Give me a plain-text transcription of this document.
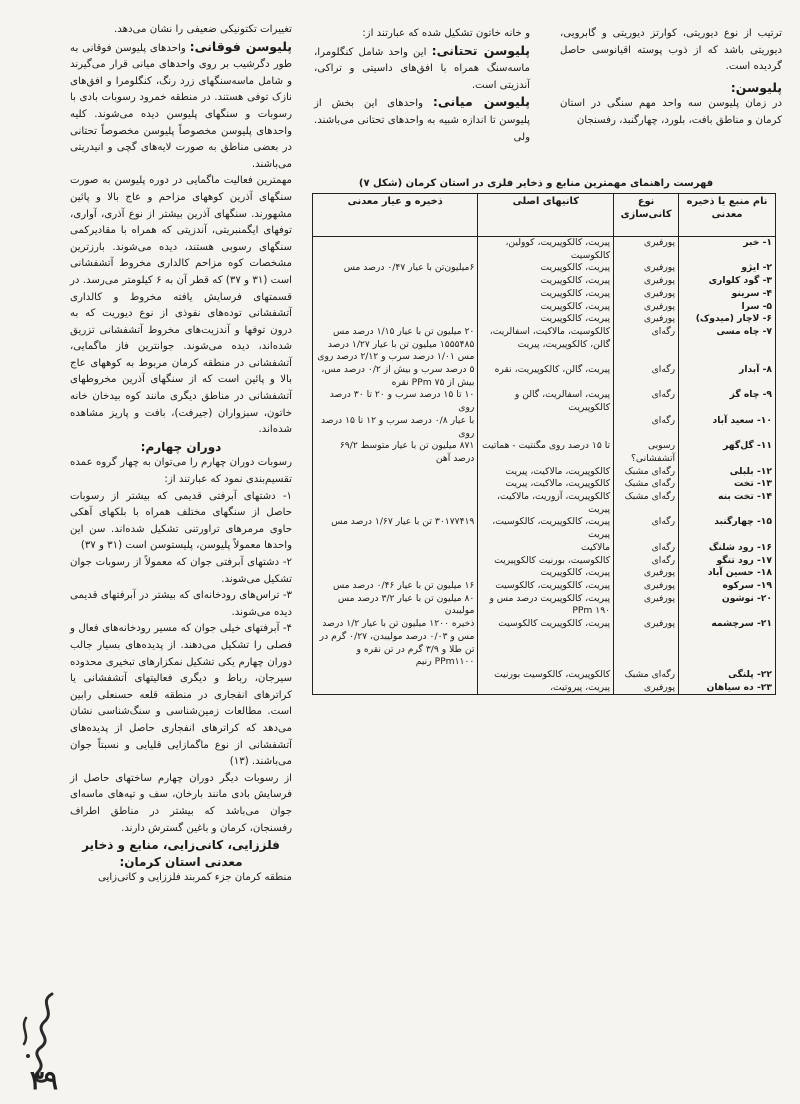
ترتیب از نوع دیوریتی، کوارتز دیوریتی و گابرویی، دیوریتی باشد که از ذوب پوسته اقیانوسی حاصل گردیده است.

پلیوسن:

در زمان پلیوسن سه واحد مهم سنگی در استان کرمان و مناطق بافت، بلورد، چهارگنبد، رفسنجان

و خانه خاتون تشکیل شده که عبارتند از:

پلیوسن تحتانی: این واحد شامل کنگلومرا، ماسه‌سنگ همراه با افق‌های داسیتی و تراکی، آندزیتی است.

پلیوسن میانی: واحدهای این بخش از پلیوسن تا اندازه شبیه به واحدهای تحتانی می‌باشند. ولی

فهرست راهنمای مهمترین منابع و ذخایر فلزی در استان کرمان (شکل ۷)
نام منبع یا ذخیره معدنی	نوع کانی‌سازی	کانیهای اصلی	ذخیره و عیار معدنی
۱- خبر	پورفیری	پیریت، کالکوپیریت، کوولین، کالکوسیت	
۲- ایژو	پورفیری	پیریت، کالکوپیریت	۶میلیون‌تن با عیار ۰/۴۷ درصد مس
۳- گود کلواری	پورفیری	پیریت، کالکوپیریت	
۴- سرینو	پورفیری	پیریت، کالکوپیریت	
۵- سرا	پورفیری	پیریت، کالکوپیریت	
۶- لاچار (میدوک)	پورفیری	پیریت، کالکوپیریت	
۷- چاه مسی	رگه‌ای	کالکوسیت، مالاکیت، اسفالریت، گالن، کالکوپیریت، پیریت	۲۰ میلیون تن با عیار ۱/۱۵ درصد مس ۱۵۵۵۴۸۵ میلیون تن با عیار ۱/۲۷ درصد مس ۱/۰۱ درصد سرب و ۲/۱۲ درصد روی
۸- آبدار	رگه‌ای	پیریت، گالن، کالکوپیریت، نقره	۵ درصد سرب و بیش از ۰/۲ درصد مس، بیش از PPm ۷۵ نقره
۹- چاه گز	رگه‌ای	پیریت، اسفالریت، گالن و کالکوپیریت	۱۰ تا ۱۵ درصد سرب و ۲۰ تا ۳۰ درصد روی
۱۰- سعید آباد	رگه‌ای		با عیار ۰/۸ درصد سرب و ۱۲ تا ۱۵ درصد روی
۱۱- گل‌گهر	رسوبی آتشفشانی؟	تا ۱۵ درصد روی مگنتیت - هماتیت	۸۷۱ میلیون تن با عیار متوسط ۶۹/۲ درصد آهن
۱۲- بلبلی	رگه‌ای مشبک	کالکوپیریت، مالاکیت، پیریت	
۱۳- تخت	رگه‌ای مشبک	کالکوپیریت، مالاکیت، پیریت	
۱۴- تخت بنه	رگه‌ای مشبک	کالکوپیریت، آزوریت، مالاکیت، پیریت	
۱۵- چهارگنبد	رگه‌ای	پیریت، کالکوپیریت، کالکوسیت، پیریت	۳۰۱۷۷۴۱۹ تن با عیار ۱/۶۷ درصد مس
۱۶- رود شلنگ	رگه‌ای	مالاکیت	
۱۷- رود تنگو	رگه‌ای	کالکوسیت، بورنیت کالکوپیریت	
۱۸- حسین آباد	پورفیری	پیریت، کالکوپیریت	
۱۹- سرکوه	پورفیری	پیریت، کالکوپیریت، کالکوسیت	۱۶ میلیون تن با عیار ۰/۴۶ درصد مس
۲۰- نوشون	پورفیری	پیریت، کالکوپیریت درصد مس و PPm ۱۹۰	۸۰ میلیون تن با عیار ۳/۲ درصد مس مولیبدن
۲۱- سرچشمه	پورفیری	پیریت، کالکوپیریت کالکوسیت	ذخیره ۱۲۰۰ میلیون تن با عیار ۱/۲ درصد مس و ۰/۰۳ درصد مولیبدن، ۰/۲۷ گرم در تن طلا و ۳/۹ گرم در تن نقره و PPm۱۱۰۰ رنیم
۲۲- پلنگی	رگه‌ای مشبک	کالکوپیریت، کالکوسیت بورنیت	
۲۳- ده سیاهان	پورفیری	پیریت، پیروتیت،	

تغییرات تکتونیکی ضعیفی را نشان می‌دهد.

پلیوسن فوقانی: واحدهای پلیوسن فوقانی به طور دگرشیب بر روی واحدهای میانی قرار می‌گیرند و شامل ماسه‌سنگهای زرد رنگ، کنگلومرا و افق‌های نازک توفی هستند. در منطقه خمرود رسوبات بادی با رسوبات و سنگهای پلیوسن دیده می‌شوند. کلیه واحدهای پلیوسن مخصوصاً پلیوسن مخصوصاً تحتانی در بعضی مناطق به صورت لایه‌های گچی و انیدریتی می‌باشند.

مهمترین فعالیت ماگمایی در دوره پلیوسن به صورت سنگهای آذرین کوههای مزاحم و عاج بالا و پائین مشهورند. سنگهای آذرین بیشتر از نوع آذری، آواری، توفهای ایگمنبریتی، آندزیتی که همراه با مقادیرکمی سنگهای رسوبی هستند، دیده می‌شوند. بارزترین مشخصات کوه مزاحم کالداری مخروط آتشفشانی است (۳۱ و ۳۷) که قطر آن به ۶ کیلومتر می‌رسد. در قسمتهای فرسایش یافته مخروط و کالداری آتشفشانی توده‌های نفوذی از نوع دیوریت که به درون توفها و آندزیت‌های مخروط آتشفشانی تزریق شده‌اند، دیده می‌شوند. جوانترین فاز ماگمایی، آتشفشانی در منطقه کرمان مربوط به کوههای عاج بالا و پائین است که از سنگهای آذرین مخروطهای آتشفشانی در مناطق دیگری مانند کوه بیدخان خانه خاتون، سبزواران (جیرفت)، بافت و پاریز مشاهده شده‌اند.

دوران چهارم:

رسوبات دوران چهارم را می‌توان به چهار گروه عمده تقسیم‌بندی نمود که عبارتند از:

۱- دشتهای آبرفتی قدیمی که بیشتر از رسوبات حاصل از سنگهای مختلف همراه با بلکهای آهکی حاوی مرمرهای تراورتنی تشکیل شده‌اند. سن این واحدها معمولاً پلیوسن، پلیستوسن است (۳۱ و ۳۷)

۲- دشتهای آبرفتی جوان که معمولاً از رسوبات جوان تشکیل می‌شوند.

۳- تراس‌های رودخانه‌ای که بیشتر در آبرفتهای قدیمی دیده می‌شوند.

۴- آبرفتهای خیلی جوان که مسیر رودخانه‌های فعال و فصلی را تشکیل می‌دهند. از پدیده‌های بسیار جالب دوران چهارم یکی تشکیل نمکزارهای تبخیری محدوده سیرجان، رباط و دیگری فعالیتهای آتشفشانی یا کراترهای انفجاری در منطقه قلعه حسنعلی رابین است. مطالعات زمین‌شناسی و سنگ‌شناسی نشان می‌دهد که کراترهای انفجاری حاصل از پدیده‌های آتشفشانی از نوع ماگمازایی قلیایی و نسبتاً جوان می‌باشند. (۱۳)

از رسوبات دیگر دوران چهارم ساختهای حاصل از فرسایش بادی مانند بارخان، سف و تپه‌های ماسه‌ای جوان می‌باشد که بیشتر در مناطق اطراف رفسنجان، کرمان و باغین گسترش دارند.

فلززایی، کانی‌زایی، منابع و ذخایر

معدنی استان کرمان:

منطقه کرمان جزء کمربند فلززایی و کانی‌زایی

۳۹
